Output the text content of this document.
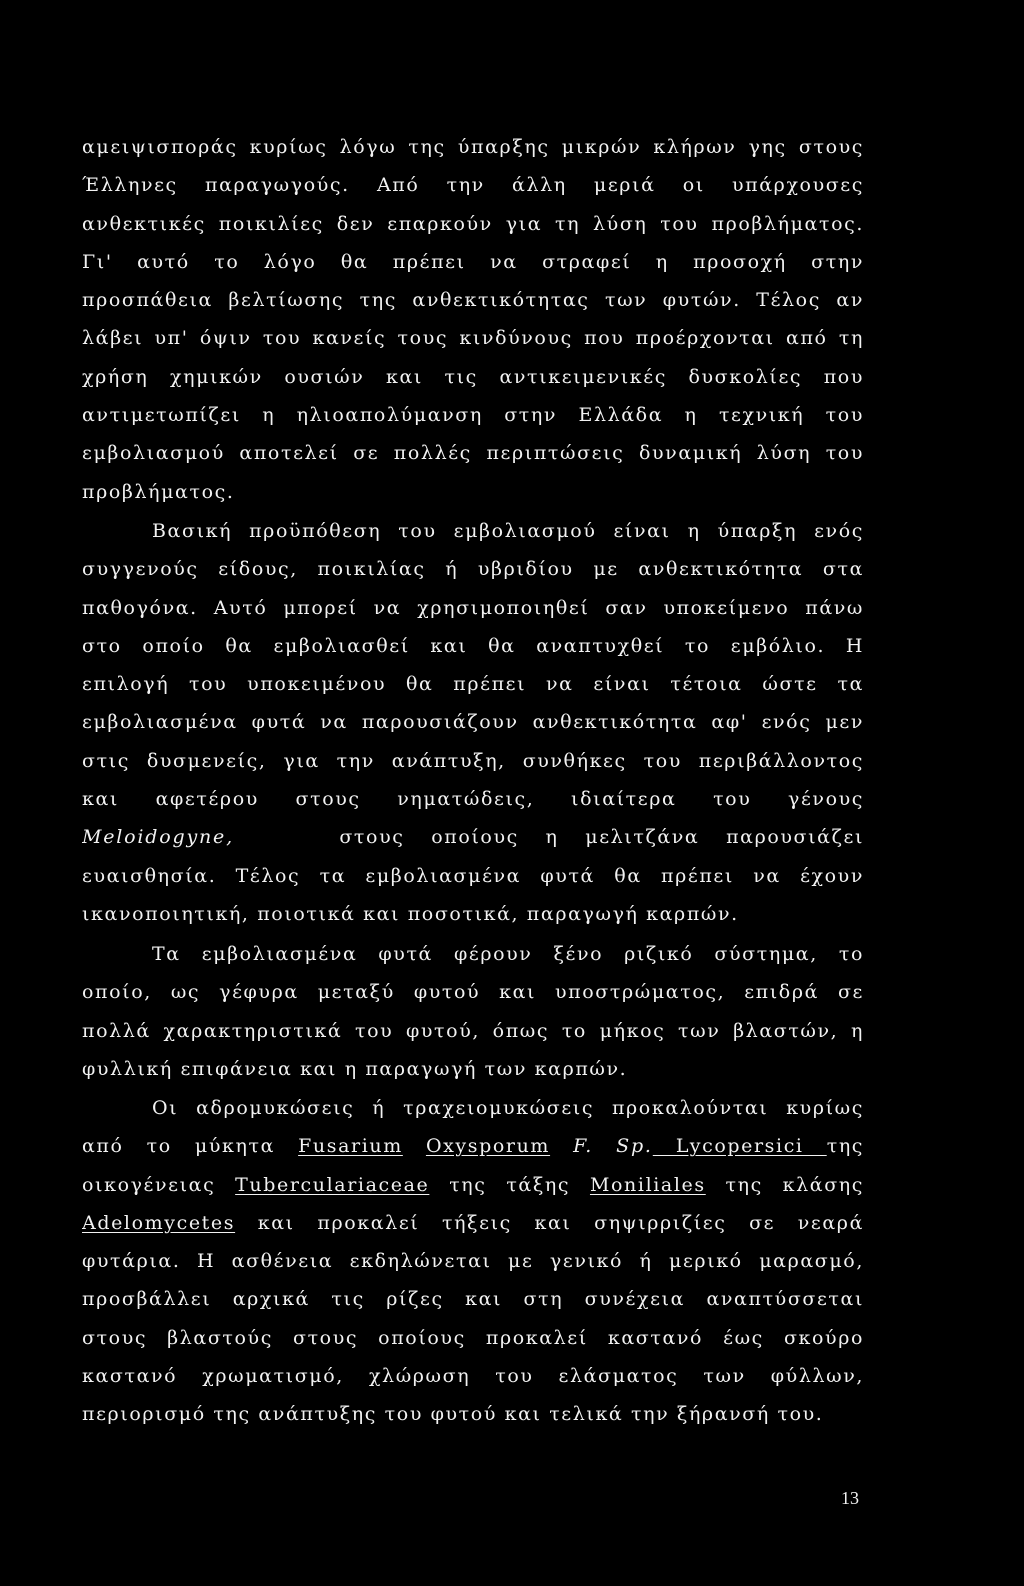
αμειψισποράς κυρίως λόγω της ύπαρξης μικρών κλήρων γης στους
Έλληνες παραγωγούς. Από την άλλη μεριά οι υπάρχουσες
ανθεκτικές ποικιλίες δεν επαρκούν για τη λύση του προβλήματος.
Γι' αυτό το λόγο θα πρέπει να στραφεί η προσοχή στην
προσπάθεια βελτίωσης της ανθεκτικότητας των φυτών. Τέλος αν
λάβει υπ' όψιν του κανείς τους κινδύνους που προέρχονται από τη
χρήση χημικών ουσιών και τις αντικειμενικές δυσκολίες που
αντιμετωπίζει η ηλιοαπολύμανση στην Ελλάδα η τεχνική του
εμβολιασμού αποτελεί σε πολλές περιπτώσεις δυναμική λύση του
προβλήματος.
Βασική προϋπόθεση του εμβολιασμού είναι η ύπαρξη ενός
συγγενούς είδους, ποικιλίας ή υβριδίου με ανθεκτικότητα στα
παθογόνα. Αυτό μπορεί να χρησιμοποιηθεί σαν υποκείμενο πάνω
στο οποίο θα εμβολιασθεί και θα αναπτυχθεί το εμβόλιο. Η
επιλογή του υποκειμένου θα πρέπει να είναι τέτοια ώστε τα
εμβολιασμένα φυτά να παρουσιάζουν ανθεκτικότητα αφ' ενός μεν
στις δυσμενείς, για την ανάπτυξη, συνθήκες του περιβάλλοντος
και αφετέρου στους νηματώδεις, ιδιαίτερα του γένους
Meloidogyne,	στους οποίους η μελιτζάνα παρουσιάζει
ευαισθησία. Τέλος τα εμβολιασμένα φυτά θα πρέπει να έχουν
ικανοποιητική, ποιοτικά και ποσοτικά, παραγωγή καρπών.
Τα εμβολιασμένα φυτά φέρουν ξένο ριζικό σύστημα, το
οποίο, ως γέφυρα μεταξύ φυτού και υποστρώματος, επιδρά σε
πολλά χαρακτηριστικά του φυτού, όπως το μήκος των βλαστών, η
φυλλική επιφάνεια και η παραγωγή των καρπών.
Οι αδρομυκώσεις ή τραχειομυκώσεις προκαλούνται κυρίως
από το μύκητα Fusarium Oxysporum F. Sp. Lycopersici της
οικογένειας Tuberculariaceae της τάξης Moniliales της κλάσης
Adelomycetes και προκαλεί τήξεις και σηψιρριζίες σε νεαρά
φυτάρια. Η ασθένεια εκδηλώνεται με γενικό ή μερικό μαρασμό,
προσβάλλει αρχικά τις ρίζες και στη συνέχεια αναπτύσσεται
στους βλαστούς στους οποίους προκαλεί καστανό έως σκούρο
καστανό χρωματισμό, χλώρωση του ελάσματος των φύλλων,
περιορισμό της ανάπτυξης του φυτού και τελικά την ξήρανσή του.
13
